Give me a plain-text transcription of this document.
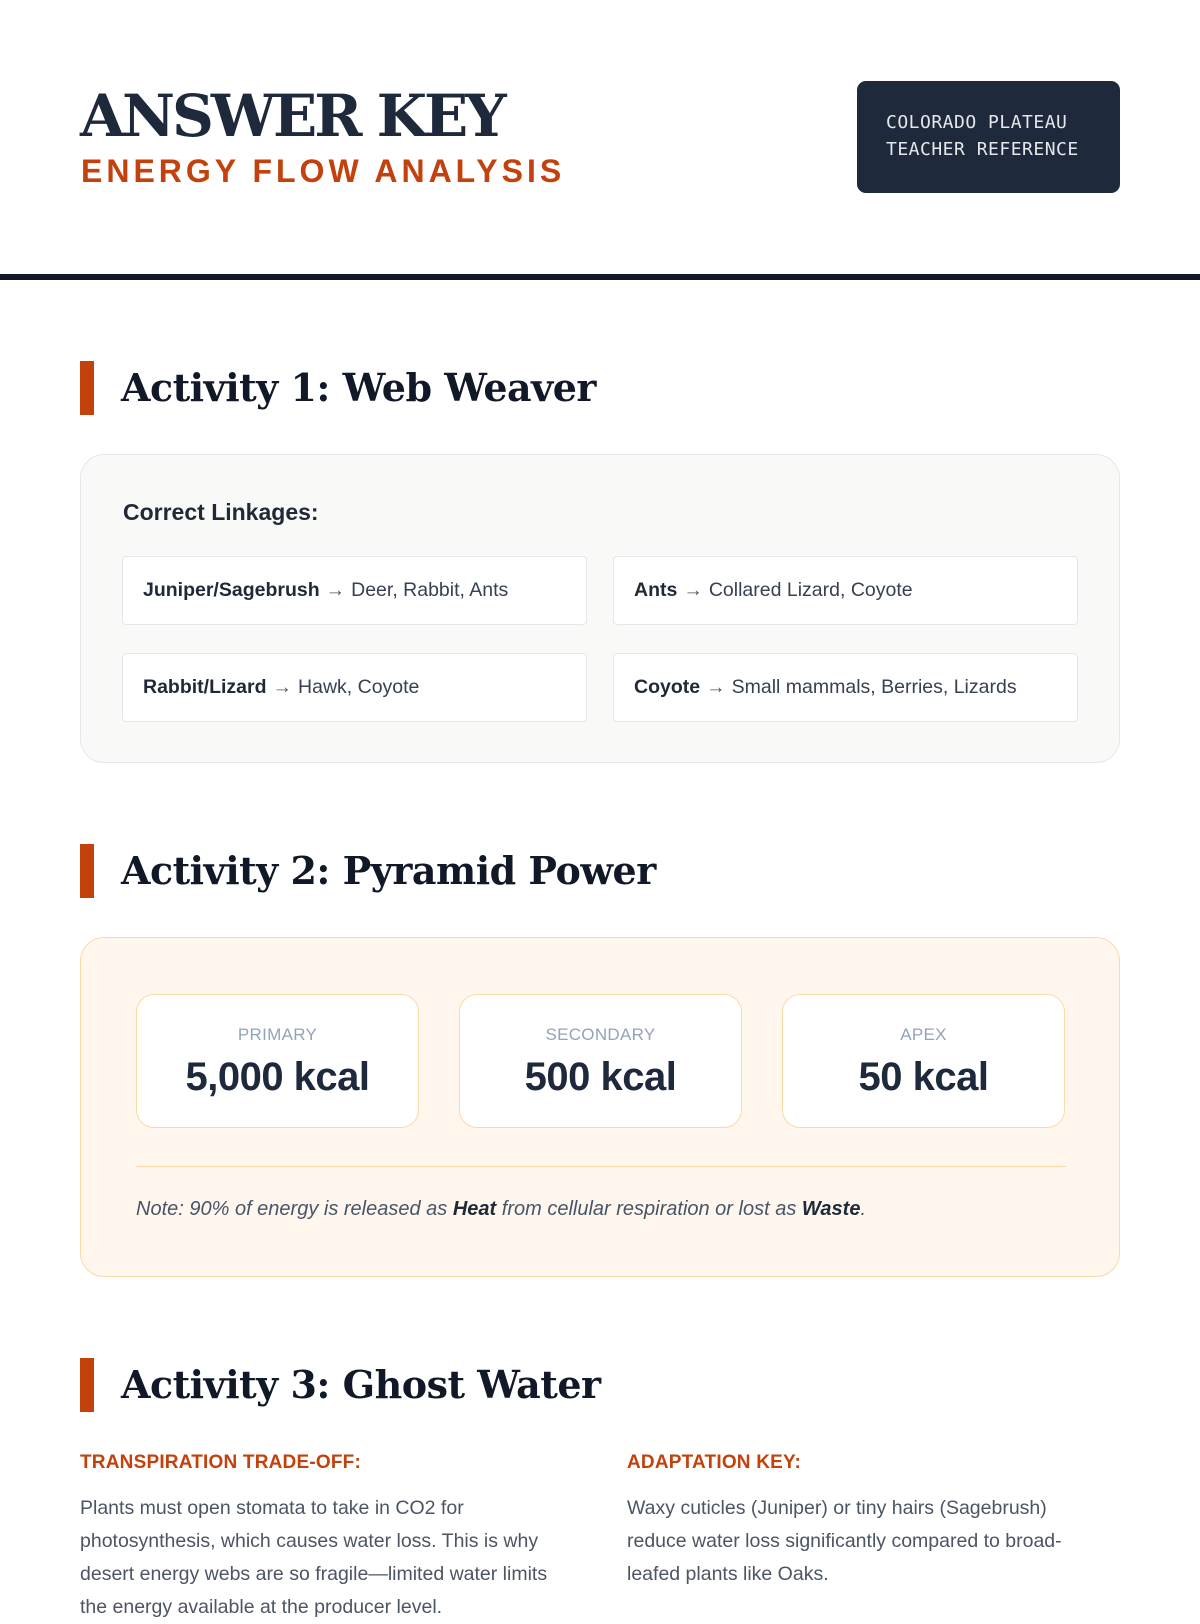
ANSWER KEY
ENERGY FLOW ANALYSIS
COLORADO PLATEAU
TEACHER REFERENCE
Activity 1: Web Weaver
Correct Linkages:
Juniper/Sagebrush → Deer, Rabbit, Ants	Ants → Collared Lizard, Coyote
Rabbit/Lizard → Hawk, Coyote	Coyote → Small mammals, Berries, Lizards
Activity 2: Pyramid Power
PRIMARY
5,000 kcal
SECONDARY
500 kcal
APEX
50 kcal
Note: 90% of energy is released as Heat from cellular respiration or lost as Waste.
Activity 3: Ghost Water
TRANSPIRATION TRADE-OFF:
Plants must open stomata to take in CO2 for photosynthesis, which causes water loss. This is why desert energy webs are so fragile—limited water limits the energy available at the producer level.
ADAPTATION KEY:
Waxy cuticles (Juniper) or tiny hairs (Sagebrush) reduce water loss significantly compared to broad-leafed plants like Oaks.
